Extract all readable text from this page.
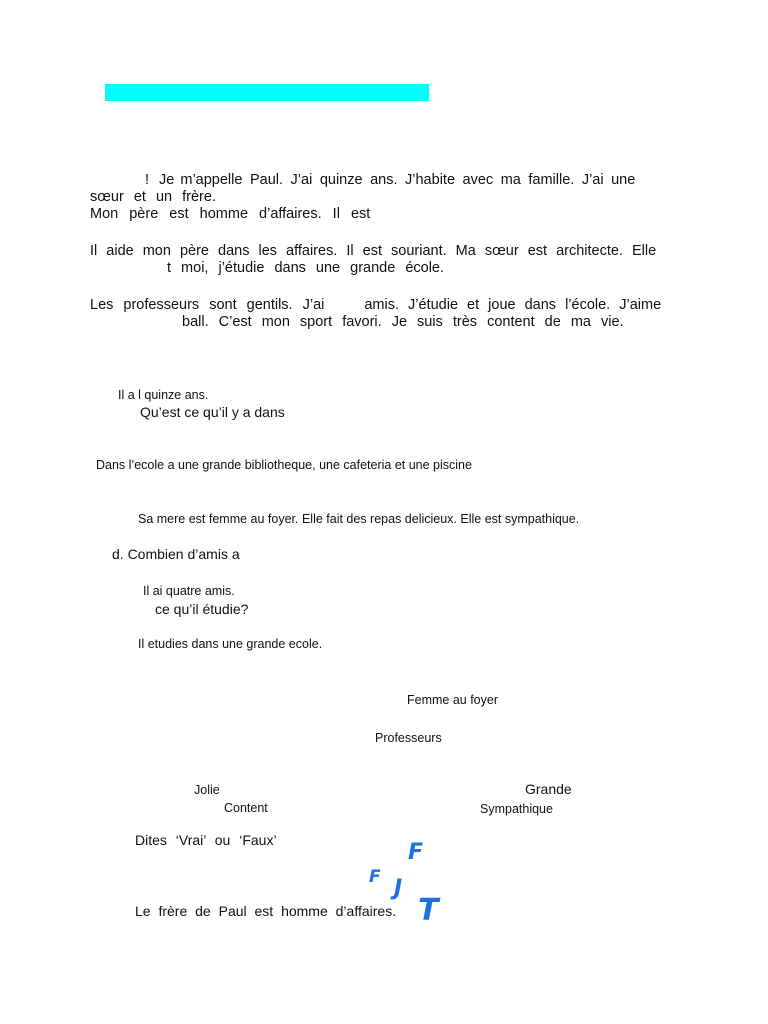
! Je m’appelle Paul. J’ai quinze ans. J’habite avec ma famille. J’ai une
sœur et un frère.
Mon père est homme d’affaires. Il est
Il aide mon père dans les affaires. Il est souriant. Ma sœur est architecte. Elle
t moi, j’étudie dans une grande école.
Les professeurs sont gentils. J’ai	amis. J’étudie et joue dans l’école. J’aime
ball. C’est mon sport favori. Je suis très content de ma vie.
Il a l quinze ans.
Qu’est ce qu’il y a dans
Dans l’ecole a une grande bibliotheque, une cafeteria et une piscine
Sa mere est femme au foyer. Elle fait des repas delicieux. Elle est sympathique.
d. Combien d’amis a
Il ai quatre amis.
ce qu’il étudie?
Il etudies dans une grande ecole.
Femme au foyer
Professeurs
Jolie
Content
Grande
Sympathique
Dites ‘Vrai’ ou ‘Faux’
Le frère de Paul est homme d’affaires.
F
F J
T
